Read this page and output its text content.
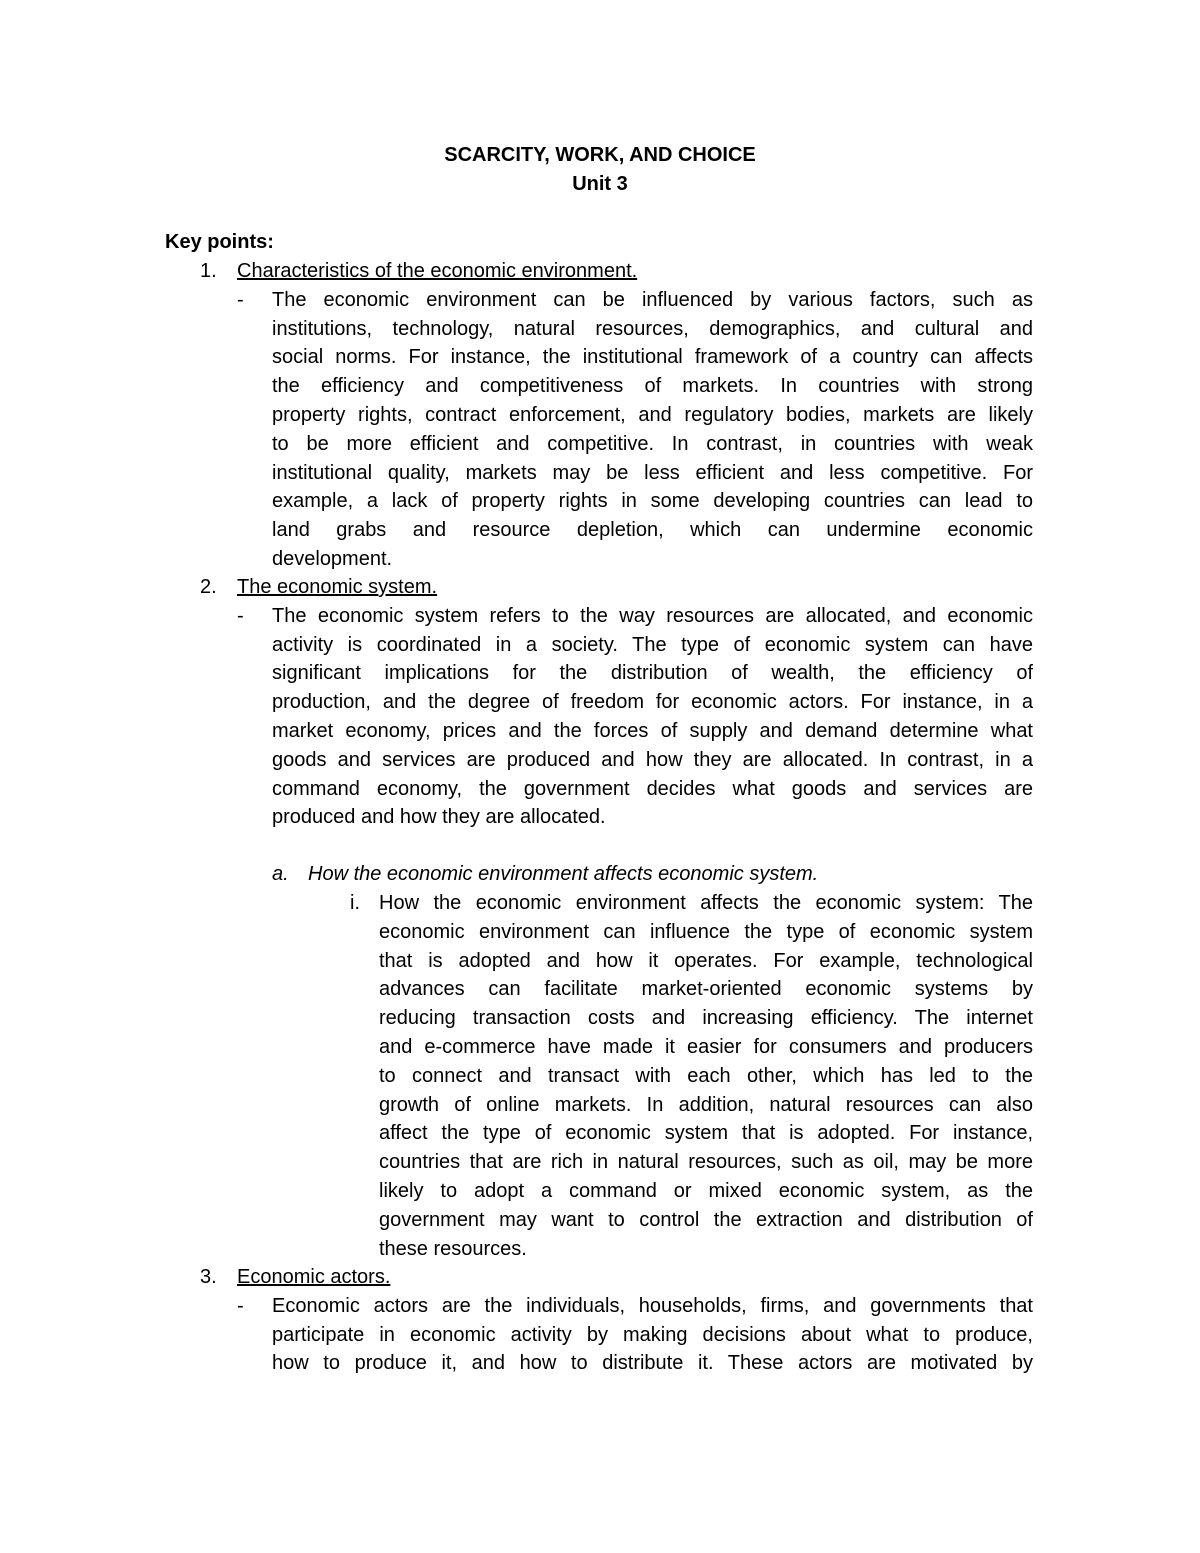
SCARCITY, WORK, AND CHOICE
Unit 3
Key points:
1.	Characteristics of the economic environment.
-	The economic environment can be influenced by various factors, such as
institutions, technology, natural resources, demographics, and cultural and
social norms. For instance, the institutional framework of a country can affects
the efficiency and competitiveness of markets. In countries with strong
property rights, contract enforcement, and regulatory bodies, markets are likely
to be more efficient and competitive. In contrast, in countries with weak
institutional quality, markets may be less efficient and less competitive. For
example, a lack of property rights in some developing countries can lead to
land grabs and resource depletion, which can undermine economic
development.
2.	The economic system.
-	The economic system refers to the way resources are allocated, and economic
activity is coordinated in a society. The type of economic system can have
significant implications for the distribution of wealth, the efficiency of
production, and the degree of freedom for economic actors. For instance, in a
market economy, prices and the forces of supply and demand determine what
goods and services are produced and how they are allocated. In contrast, in a
command economy, the government decides what goods and services are
produced and how they are allocated.
a. How the economic environment affects economic system.
i. How the economic environment affects the economic system: The
economic environment can influence the type of economic system
that is adopted and how it operates. For example, technological
advances can facilitate market-oriented economic systems by
reducing transaction costs and increasing efficiency. The internet
and e-commerce have made it easier for consumers and producers
to connect and transact with each other, which has led to the
growth of online markets. In addition, natural resources can also
affect the type of economic system that is adopted. For instance,
countries that are rich in natural resources, such as oil, may be more
likely to adopt a command or mixed economic system, as the
government may want to control the extraction and distribution of
these resources.
3.	Economic actors.
-	Economic actors are the individuals, households, firms, and governments that
participate in economic activity by making decisions about what to produce,
how to produce it, and how to distribute it. These actors are motivated by
